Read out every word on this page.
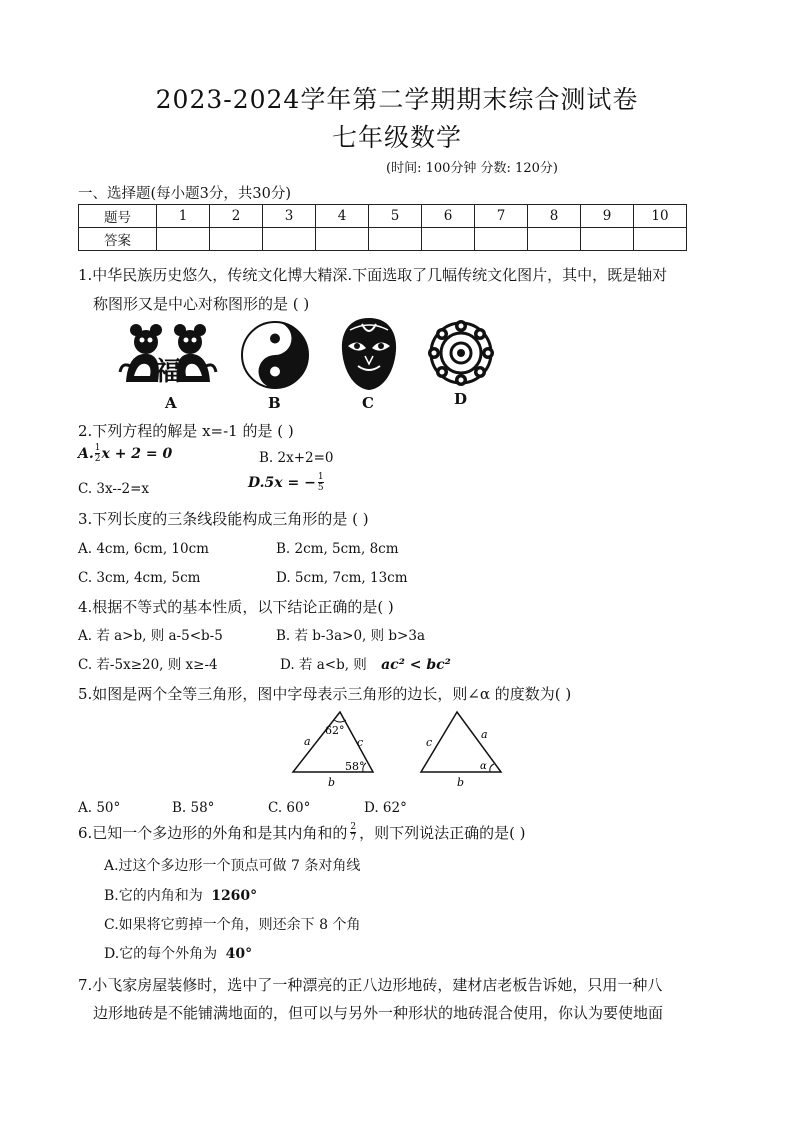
2023-2024学年第二学期期末综合测试卷
七年级数学
(时间: 100分钟 分数: 120分)
一、选择题(每小题3分，共30分)
题号	1	2	3	4	5	6	7	8	9	10
答案										
1.中华民族历史悠久，传统文化博大精深.下面选取了几幅传统文化图片，其中，既是轴对
称图形又是中心对称图形的是 ( )
福
A	B	C	D
2.下列方程的解是 x=-1 的是 ( )
A. $\frac{1}{2}$ x + 2 = 0	B. 2x+2=0
C. 3x--2=x	D.5x = − $\frac{1}{5}$
3.下列长度的三条线段能构成三角形的是 ( )
A. 4cm, 6cm, 10cm	B. 2cm, 5cm, 8cm
C. 3cm, 4cm, 5cm	D. 5cm, 7cm, 13cm
4.根据不等式的基本性质，以下结论正确的是( )
A. 若 a>b, 则 a-5<b-5	B. 若 b-3a>0, 则 b>3a
C. 若-5x≥20, 则 x≥-4	D. 若 a<b, 则 ac² < bc²
5.如图是两个全等三角形，图中字母表示三角形的边长，则∠α 的度数为( )
62°
58°
a	c
b
c
a
b
α
A. 50°	B. 58°	C. 60°	D. 62°
6.已知一个多边形的外角和是其内角和的 $\frac{2}{7}$ ，则下列说法正确的是( )
A.过这个多边形一个顶点可做 7 条对角线
B.它的内角和为 1260°
C.如果将它剪掉一个角，则还余下 8 个角
D.它的每个外角为 40°
7.小飞家房屋装修时，选中了一种漂亮的正八边形地砖，建材店老板告诉她，只用一种八
边形地砖是不能铺满地面的，但可以与另外一种形状的地砖混合使用，你认为要使地面
